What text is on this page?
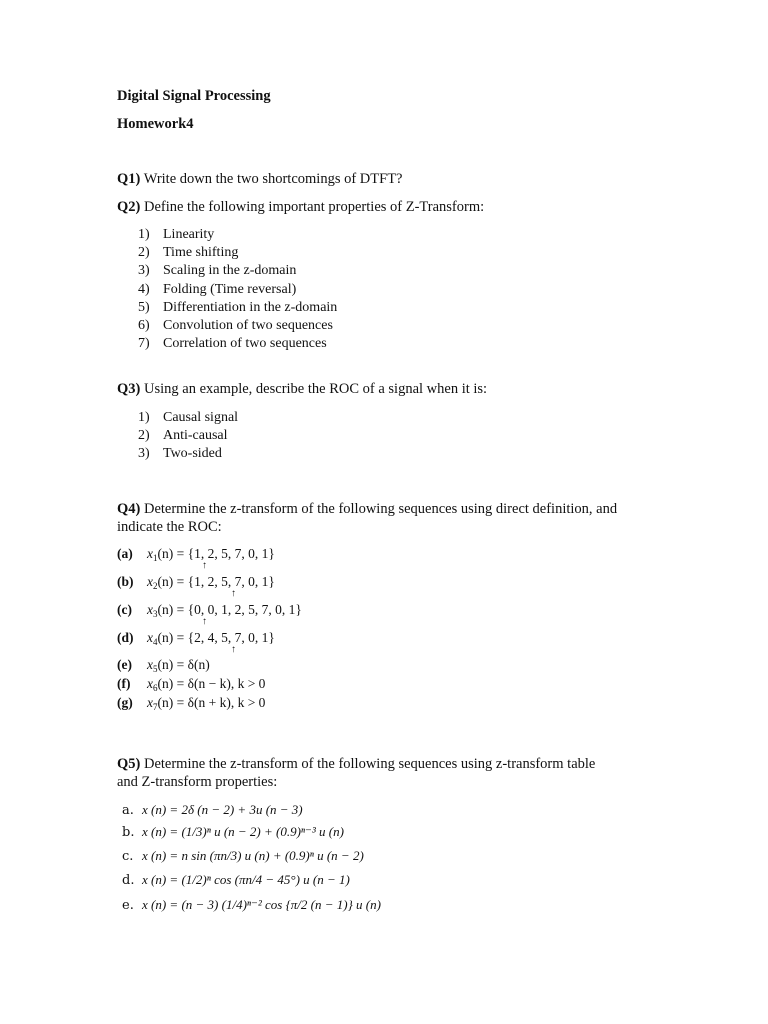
Digital Signal Processing
Homework4
Q1) Write down the two shortcomings of DTFT?
Q2) Define the following important properties of Z-Transform:
1) Linearity
2) Time shifting
3) Scaling in the z-domain
4) Folding (Time reversal)
5) Differentiation in the z-domain
6) Convolution of two sequences
7) Correlation of two sequences
Q3) Using an example, describe the ROC of a signal when it is:
1) Causal signal
2) Anti-causal
3) Two-sided
Q4) Determine the z-transform of the following sequences using direct definition, and
indicate the ROC:
(a) $x_1(n) = \{1$, 2, 5, 7, 0, 1}
↑
(b) $x_2(n) = \{1$, 2, 5, 7, 0, 1}
↑
(c) $x_3(n) = \{0$, 0, 1, 2, 5, 7, 0, 1}
↑
(d) $x_4(n) = \{2$, 4, 5, 7, 0, 1}
↑
(e) $x_5(n) = \delta(n)$
(f) $x_6(n) = \delta(n - k)$, k > 0
(g) $x_7(n) = \delta(n + k)$, k > 0
Q5) Determine the z-transform of the following sequences using z-transform table
and Z-transform properties:
a. x (n) = 2δ (n − 2) + 3u (n − 3)
b. x (n) = (1/3)ⁿ u (n − 2) + (0.9)ⁿ⁻³ u (n)
c. x (n) = n sin (πn/3) u (n) + (0.9)ⁿ u (n − 2)
d. x (n) = (1/2)ⁿ cos (πn/4 − 45°) u (n − 1)
e. x (n) = (n − 3) (1/4)ⁿ⁻² cos {π/2 (n − 1)} u (n)
